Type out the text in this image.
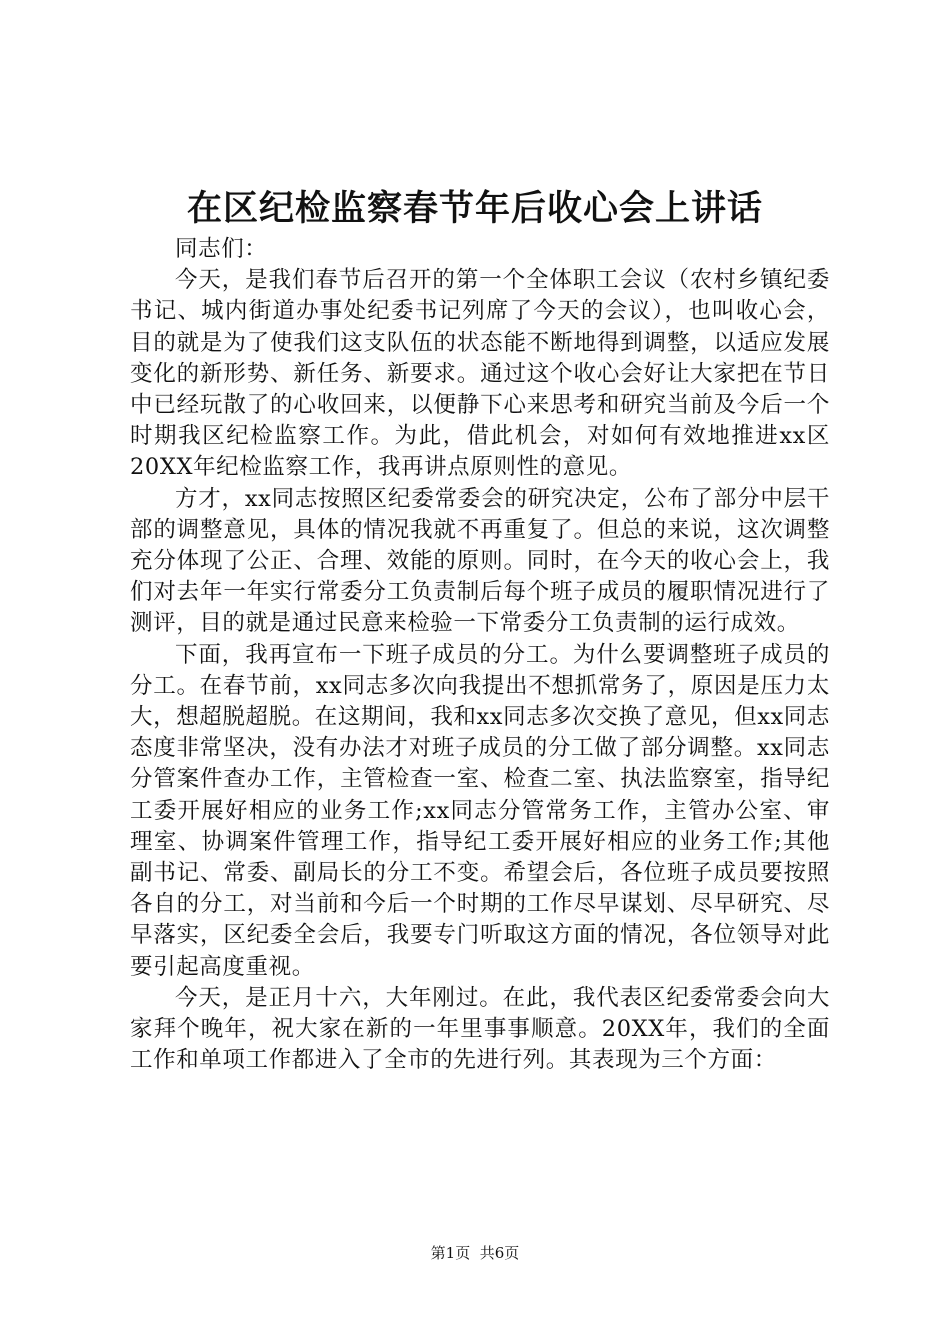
在区纪检监察春节年后收心会上讲话

同志们：

今天，是我们春节后召开的第一个全体职工会议（农村乡镇纪委书记、城内街道办事处纪委书记列席了今天的会议），也叫收心会，目的就是为了使我们这支队伍的状态能不断地得到调整，以适应发展变化的新形势、新任务、新要求。通过这个收心会好让大家把在节日中已经玩散了的心收回来，以便静下心来思考和研究当前及今后一个时期我区纪检监察工作。为此，借此机会，对如何有效地推进xx区20XX年纪检监察工作，我再讲点原则性的意见。

方才，xx同志按照区纪委常委会的研究决定，公布了部分中层干部的调整意见，具体的情况我就不再重复了。但总的来说，这次调整充分体现了公正、合理、效能的原则。同时，在今天的收心会上，我们对去年一年实行常委分工负责制后每个班子成员的履职情况进行了测评，目的就是通过民意来检验一下常委分工负责制的运行成效。

下面，我再宣布一下班子成员的分工。为什么要调整班子成员的分工。在春节前，xx同志多次向我提出不想抓常务了，原因是压力太大，想超脱超脱。在这期间，我和xx同志多次交换了意见，但xx同志态度非常坚决，没有办法才对班子成员的分工做了部分调整。xx同志分管案件查办工作，主管检查一室、检查二室、执法监察室，指导纪工委开展好相应的业务工作;xx同志分管常务工作，主管办公室、审理室、协调案件管理工作，指导纪工委开展好相应的业务工作;其他副书记、常委、副局长的分工不变。希望会后，各位班子成员要按照各自的分工，对当前和今后一个时期的工作尽早谋划、尽早研究、尽早落实，区纪委全会后，我要专门听取这方面的情况，各位领导对此要引起高度重视。

今天，是正月十六，大年刚过。在此，我代表区纪委常委会向大家拜个晚年，祝大家在新的一年里事事顺意。20XX年，我们的全面工作和单项工作都进入了全市的先进行列。其表现为三个方面：

第1页 共6页
